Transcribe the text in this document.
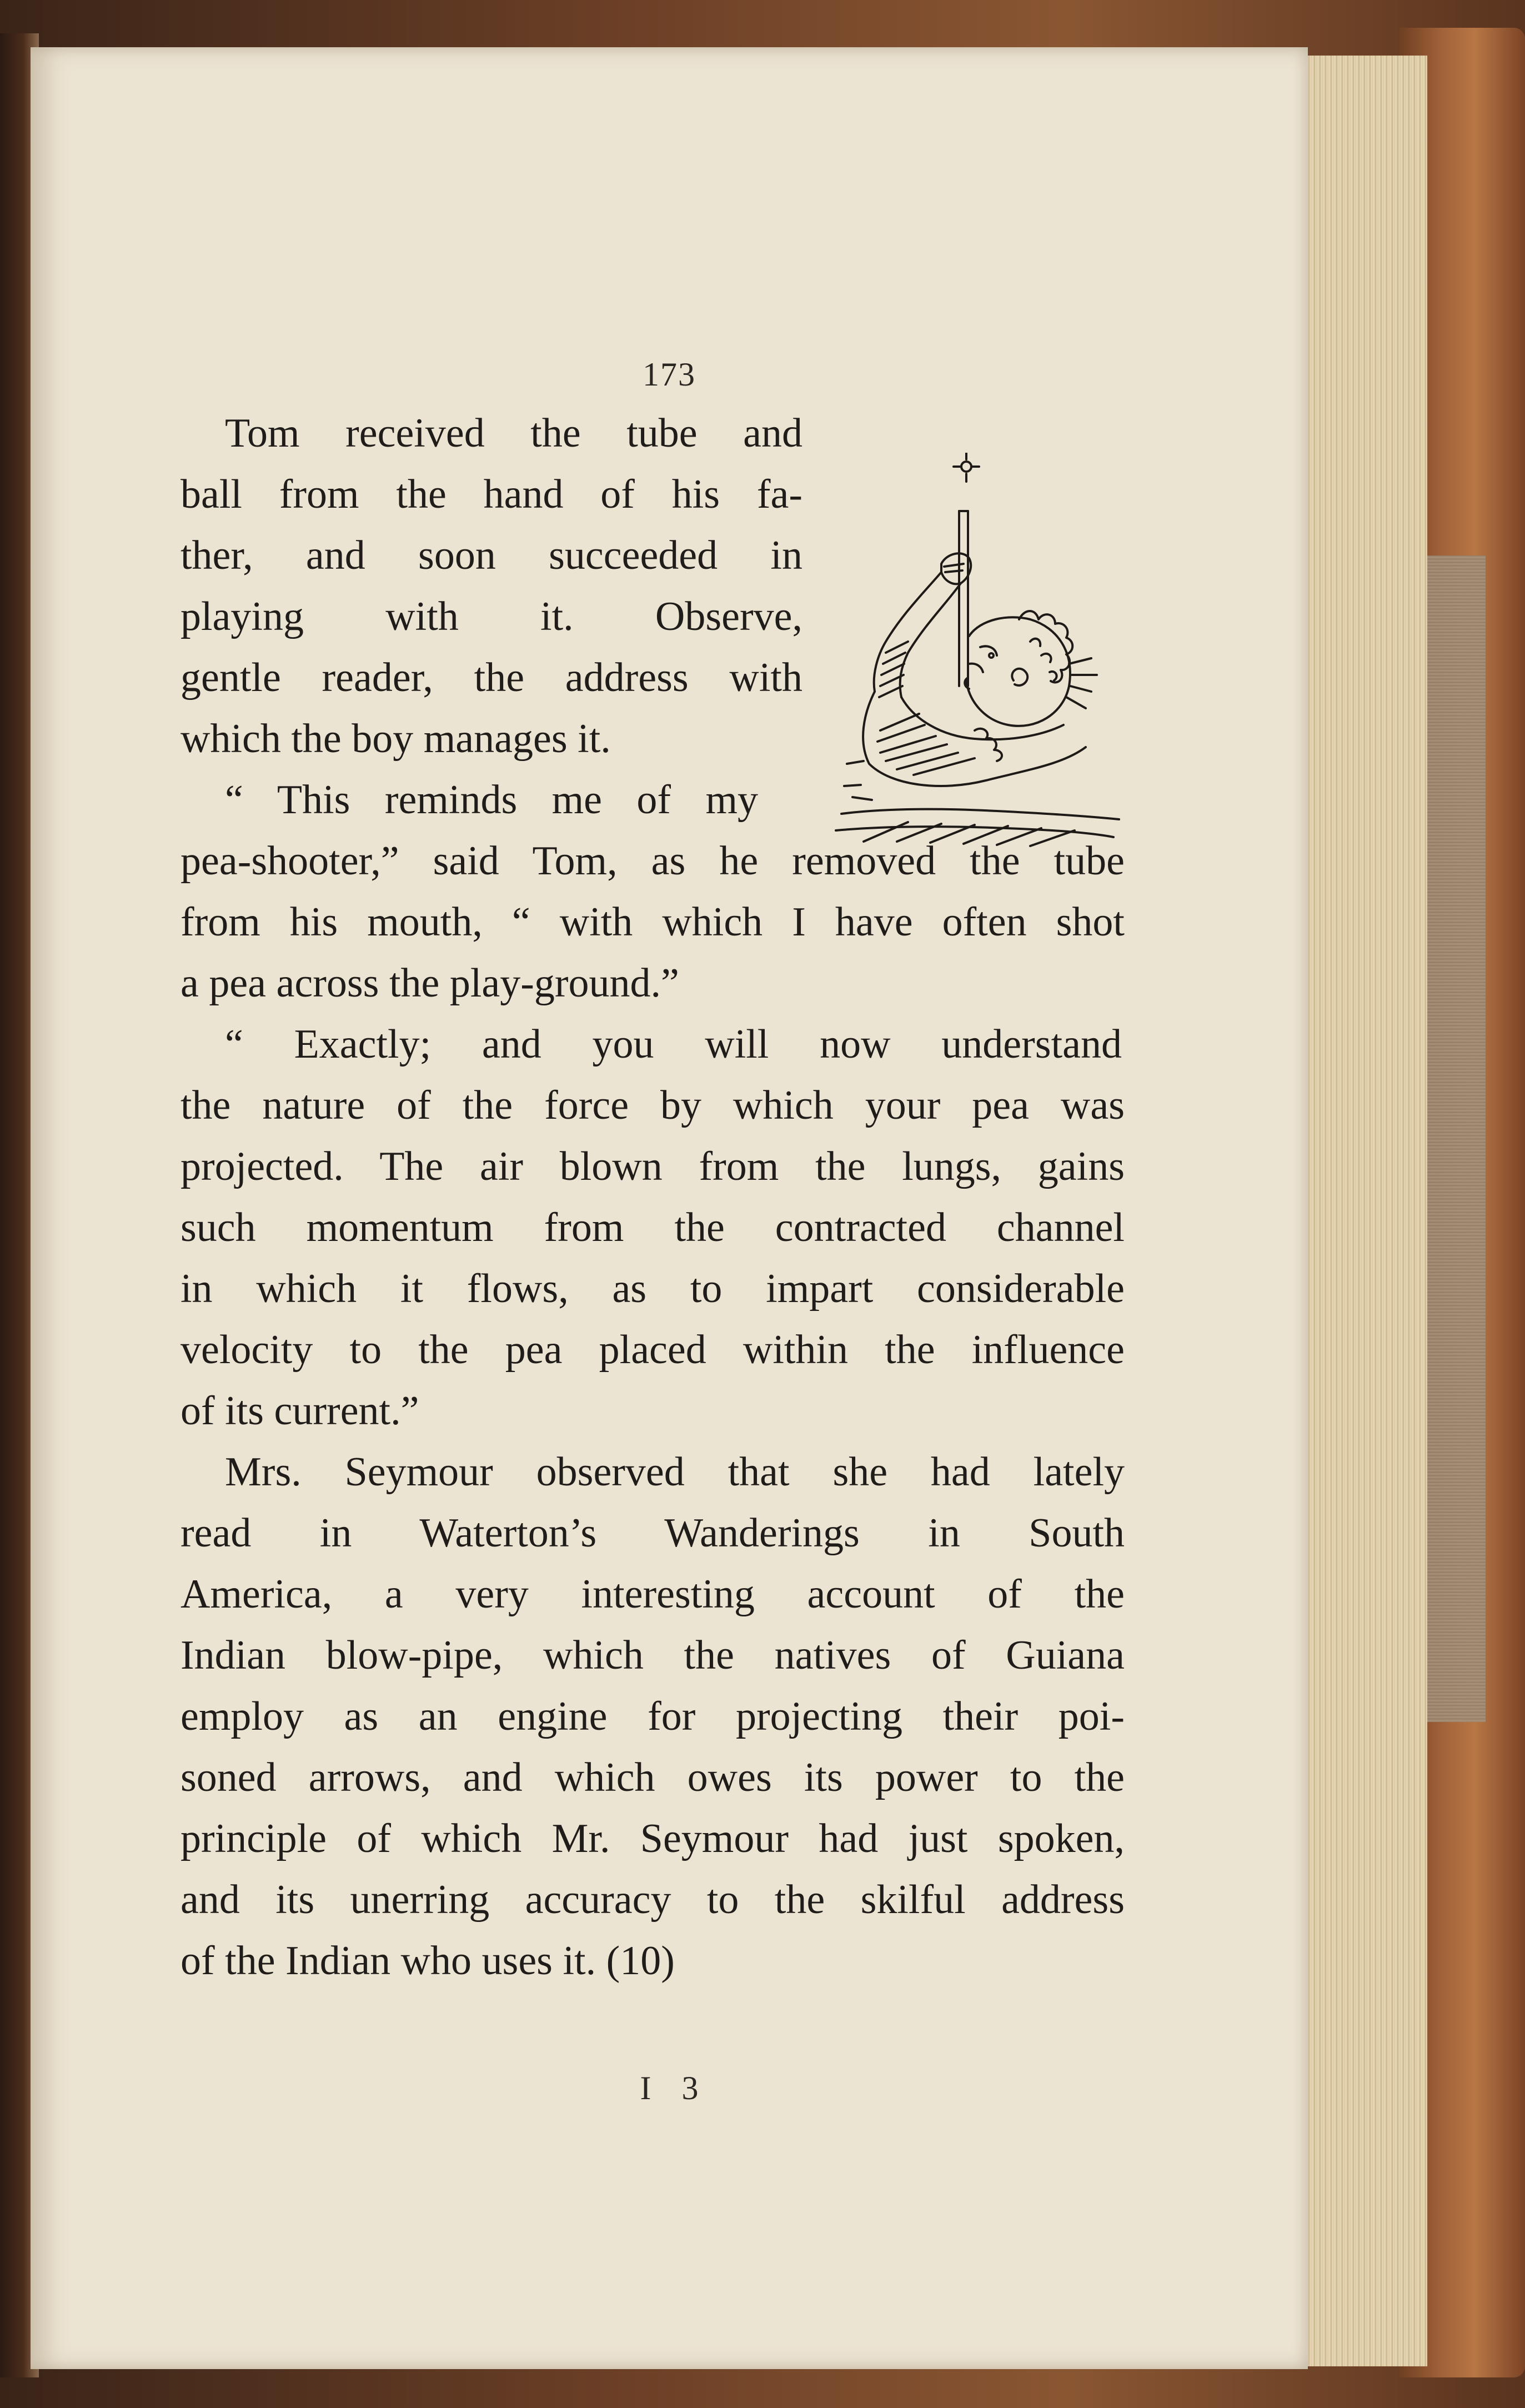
173
Tom received the tube and
ball from the hand of his fa-
ther, and soon succeeded in
playing with it. Observe,
gentle reader, the address with
which the boy manages it.
“ This reminds me of my
pea-shooter,” said Tom, as he removed the tube
from his mouth, “ with which I have often shot
a pea across the play-ground.”
“ Exactly; and you will now understand
the nature of the force by which your pea was
projected. The air blown from the lungs, gains
such momentum from the contracted channel
in which it flows, as to impart considerable
velocity to the pea placed within the influence
of its current.”
Mrs. Seymour observed that she had lately
read in Waterton’s Wanderings in South
America, a very interesting account of the
Indian blow-pipe, which the natives of Guiana
employ as an engine for projecting their poi-
soned arrows, and which owes its power to the
principle of which Mr. Seymour had just spoken,
and its unerring accuracy to the skilful address
of the Indian who uses it. (10)
I 3
